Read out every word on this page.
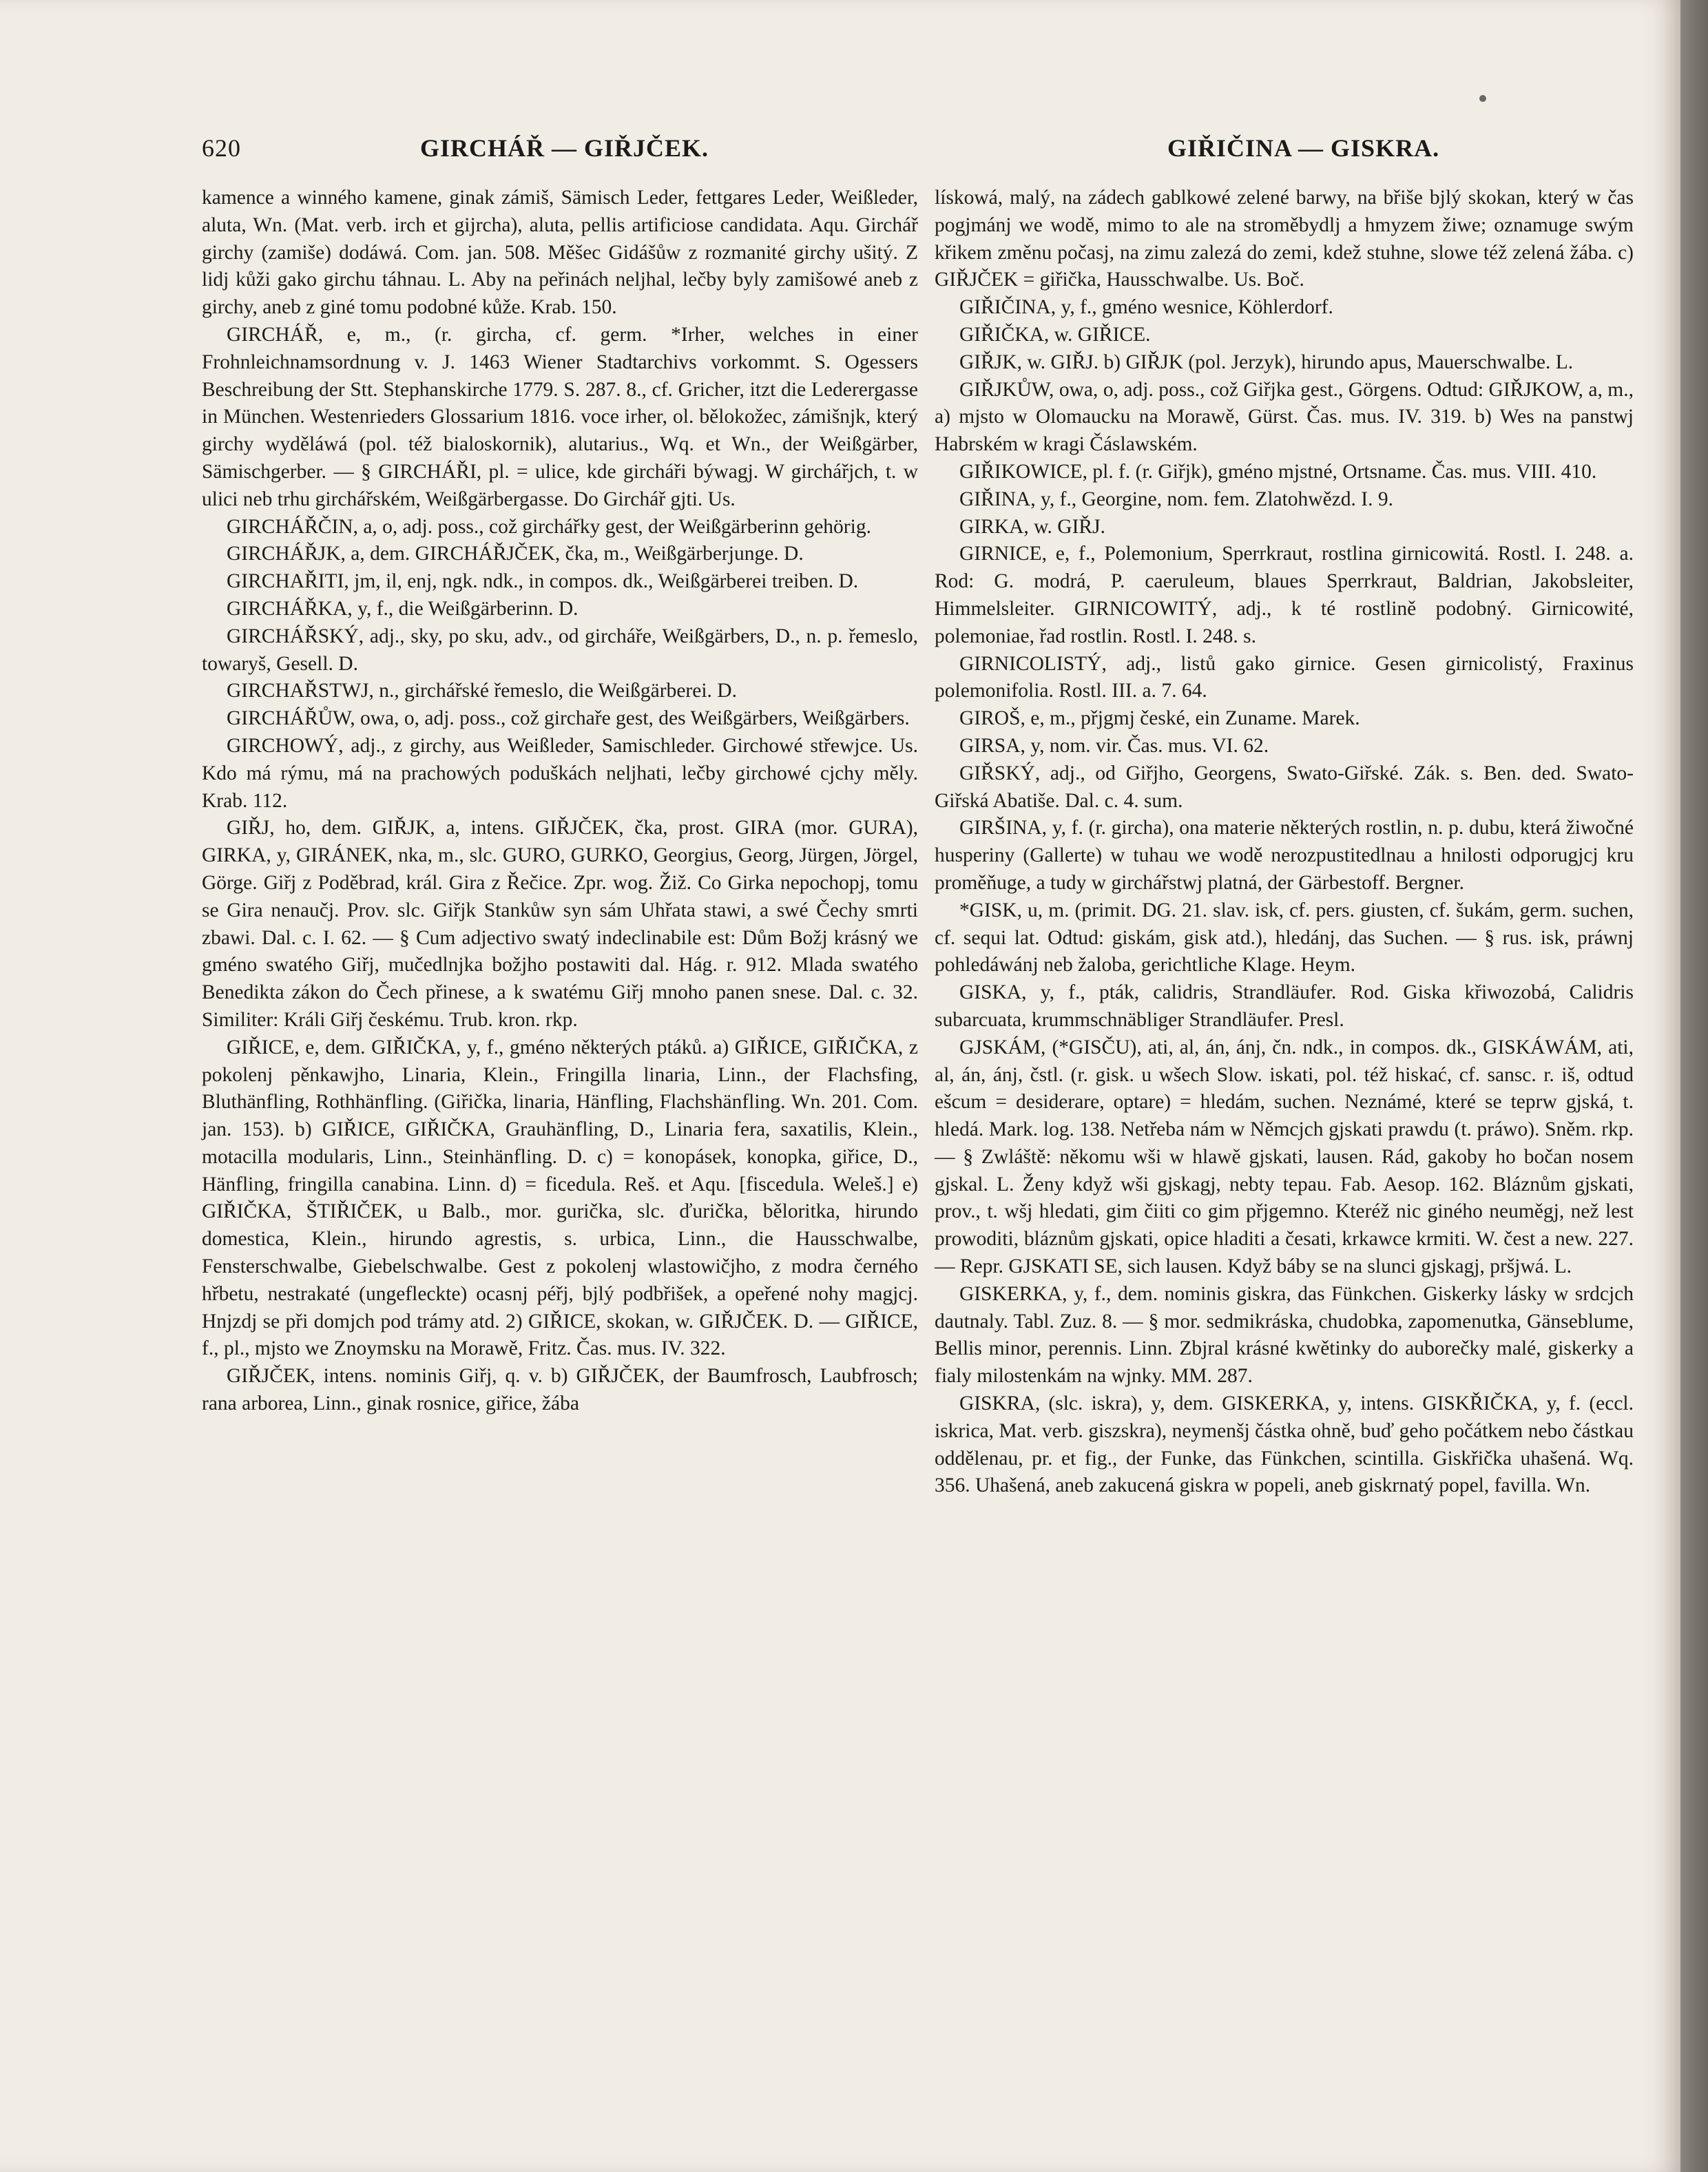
620	GIRCHÁŘ — GIŘJČEK.	GIŘIČINA — GISKRA.

kamence a winného kamene, ginak zámiš, Sämisch Leder, fettgares Leder, Weißleder, aluta, Wn. (Mat. verb. irch et gijrcha), aluta, pellis artificiose candidata. Aqu. Girchář girchy (zamiše) dodáwá. Com. jan. 508. Měšec Gidášůw z rozmanité girchy ušitý. Z lidj kůži gako girchu táhnau. L. Aby na peřinách neljhal, lečby byly zamišowé aneb z girchy, aneb z giné tomu podobné kůže. Krab. 150.

GIRCHÁŘ, e, m., (r. gircha, cf. germ. *Irher, welches in einer Frohnleichnamsordnung v. J. 1463 Wiener Stadtarchivs vorkommt. S. Ogessers Beschreibung der Stt. Stephanskirche 1779. S. 287. 8., cf. Gricher, itzt die Lederergasse in München. Westenrieders Glossarium 1816. voce irher, ol. bělokožec, zámišnjk, který girchy wyděláwá (pol. též bialoskornik), alutarius., Wq. et Wn., der Weißgärber, Sämischgerber. — § GIRCHÁŘI, pl. = ulice, kde gircháři býwagj. W girchářjch, t. w ulici neb trhu girchářském, Weißgärbergasse. Do Girchář gjti. Us.

GIRCHÁŘČIN, a, o, adj. poss., což girchářky gest, der Weißgärberinn gehörig.

GIRCHÁŘJK, a, dem. GIRCHÁŘJČEK, čka, m., Weißgärberjunge. D.

GIRCHAŘITI, jm, il, enj, ngk. ndk., in compos. dk., Weißgärberei treiben. D.

GIRCHÁŘKA, y, f., die Weißgärberinn. D.

GIRCHÁŘSKÝ, adj., sky, po sku, adv., od gircháře, Weißgärbers, D., n. p. řemeslo, towaryš, Gesell. D.

GIRCHAŘSTWJ, n., girchářské řemeslo, die Weißgärberei. D.

GIRCHÁŘŮW, owa, o, adj. poss., což girchaře gest, des Weißgärbers, Weißgärbers.

GIRCHOWÝ, adj., z girchy, aus Weißleder, Samischleder. Girchowé střewjce. Us. Kdo má rýmu, má na prachowých poduškách neljhati, lečby girchowé cjchy měly. Krab. 112.

GIŘJ, ho, dem. GIŘJK, a, intens. GIŘJČEK, čka, prost. GIRA (mor. GURA), GIRKA, y, GIRÁNEK, nka, m., slc. GURO, GURKO, Georgius, Georg, Jürgen, Jörgel, Görge. Giřj z Poděbrad, král. Gira z Řečice. Zpr. wog. Žiž. Co Girka nepochopj, tomu se Gira nenaučj. Prov. slc. Giřjk Stankůw syn sám Uhřata stawi, a swé Čechy smrti zbawi. Dal. c. I. 62. — § Cum adjectivo swatý indeclinabile est: Dům Božj krásný we gméno swatého Giřj, mučedlnjka božjho postawiti dal. Hág. r. 912. Mlada swatého Benedikta zákon do Čech přinese, a k swatému Giřj mnoho panen snese. Dal. c. 32. Similiter: Králi Giřj českému. Trub. kron. rkp.

GIŘICE, e, dem. GIŘIČKA, y, f., gméno některých ptáků. a) GIŘICE, GIŘIČKA, z pokolenj pěnkawjho, Linaria, Klein., Fringilla linaria, Linn., der Flachsfing, Bluthänfling, Rothhänfling. (Giřička, linaria, Hänfling, Flachshänfling. Wn. 201. Com. jan. 153). b) GIŘICE, GIŘIČKA, Grauhänfling, D., Linaria fera, saxatilis, Klein., motacilla modularis, Linn., Steinhänfling. D. c) = konopásek, konopka, giřice, D., Hänfling, fringilla canabina. Linn. d) = ficedula. Reš. et Aqu. [fiscedula. Weleš.] e) GIŘIČKA, ŠTIŘIČEK, u Balb., mor. gurička, slc. ďurička, běloritka, hirundo domestica, Klein., hirundo agrestis, s. urbica, Linn., die Hausschwalbe, Fensterschwalbe, Giebelschwalbe. Gest z pokolenj wlastowičjho, z modra černého hřbetu, nestrakaté (ungefleckte) ocasnj péřj, bjlý podbřišek, a opeřené nohy magjcj. Hnjzdj se při domjch pod trámy atd. 2) GIŘICE, skokan, w. GIŘJČEK. D. — GIŘICE, f., pl., mjsto we Znoymsku na Morawě, Fritz. Čas. mus. IV. 322.

GIŘJČEK, intens. nominis Giřj, q. v. b) GIŘJČEK, der Baumfrosch, Laubfrosch; rana arborea, Linn., ginak rosnice, giřice, žába

lískowá, malý, na zádech gablkowé zelené barwy, na břiše bjlý skokan, který w čas pogjmánj we wodě, mimo to ale na stroměbydlj a hmyzem žiwe; oznamuge swým křikem změnu počasj, na zimu zalezá do zemi, kdež stuhne, slowe též zelená žába. c) GIŘJČEK = giřička, Hausschwalbe. Us. Boč.

GIŘIČINA, y, f., gméno wesnice, Köhlerdorf.

GIŘIČKA, w. GIŘICE.

GIŘJK, w. GIŘJ. b) GIŘJK (pol. Jerzyk), hirundo apus, Mauerschwalbe. L.

GIŘJKŮW, owa, o, adj. poss., což Giřjka gest., Görgens. Odtud: GIŘJKOW, a, m., a) mjsto w Olomaucku na Morawě, Gürst. Čas. mus. IV. 319. b) Wes na panstwj Habrském w kragi Čáslawském.

GIŘIKOWICE, pl. f. (r. Giřjk), gméno mjstné, Ortsname. Čas. mus. VIII. 410.

GIŘINA, y, f., Georgine, nom. fem. Zlatohwězd. I. 9.

GIRKA, w. GIŘJ.

GIRNICE, e, f., Polemonium, Sperrkraut, rostlina girnicowitá. Rostl. I. 248. a. Rod: G. modrá, P. caeruleum, blaues Sperrkraut, Baldrian, Jakobsleiter, Himmelsleiter. GIRNICOWITÝ, adj., k té rostlině podobný. Girnicowité, polemoniae, řad rostlin. Rostl. I. 248. s.

GIRNICOLISTÝ, adj., listů gako girnice. Gesen girnicolistý, Fraxinus polemonifolia. Rostl. III. a. 7. 64.

GIROŠ, e, m., přjgmj české, ein Zuname. Marek.

GIRSA, y, nom. vir. Čas. mus. VI. 62.

GIŘSKÝ, adj., od Giřjho, Georgens, Swato-Giřské. Zák. s. Ben. ded. Swato-Giřská Abatiše. Dal. c. 4. sum.

GIRŠINA, y, f. (r. gircha), ona materie některých rostlin, n. p. dubu, která žiwočné husperiny (Gallerte) w tuhau we wodě nerozpustitedlnau a hnilosti odporugjcj kru proměňuge, a tudy w girchářstwj platná, der Gärbestoff. Bergner.

*GISK, u, m. (primit. DG. 21. slav. isk, cf. pers. giusten, cf. šukám, germ. suchen, cf. sequi lat. Odtud: giskám, gisk atd.), hledánj, das Suchen. — § rus. isk, práwnj pohledáwánj neb žaloba, gerichtliche Klage. Heym.

GISKA, y, f., pták, calidris, Strandläufer. Rod. Giska křiwozobá, Calidris subarcuata, krummschnäbliger Strandläufer. Presl.

GJSKÁM, (*GISČU), ati, al, án, ánj, čn. ndk., in compos. dk., GISKÁWÁM, ati, al, án, ánj, čstl. (r. gisk. u wšech Slow. iskati, pol. též hiskać, cf. sansc. r. iš, odtud ešcum = desiderare, optare) = hledám, suchen. Neznámé, které se teprw gjská, t. hledá. Mark. log. 138. Netřeba nám w Němcjch gjskati prawdu (t. práwo). Sněm. rkp. — § Zwláště: někomu wši w hlawě gjskati, lausen. Rád, gakoby ho bočan nosem gjskal. L. Ženy když wši gjskagj, nebty tepau. Fab. Aesop. 162. Bláznům gjskati, prov., t. wšj hledati, gim čiiti co gim přjgemno. Kteréž nic giného neuměgj, než lest prowoditi, bláznům gjskati, opice hladiti a česati, krkawce krmiti. W. čest a new. 227. — Repr. GJSKATI SE, sich lausen. Když báby se na slunci gjskagj, pršjwá. L.

GISKERKA, y, f., dem. nominis giskra, das Fünkchen. Giskerky lásky w srdcjch dautnaly. Tabl. Zuz. 8. — § mor. sedmikráska, chudobka, zapomenutka, Gänseblume, Bellis minor, perennis. Linn. Zbjral krásné kwětinky do auborečky malé, giskerky a fialy milostenkám na wjnky. MM. 287.

GISKRA, (slc. iskra), y, dem. GISKERKA, y, intens. GISKŘIČKA, y, f. (eccl. iskrica, Mat. verb. giszskra), neymenšj částka ohně, buď geho počátkem nebo částkau oddělenau, pr. et fig., der Funke, das Fünkchen, scintilla. Giskřička uhašená. Wq. 356. Uhašená, aneb zakucená giskra w popeli, aneb giskrnatý popel, favilla. Wn.
